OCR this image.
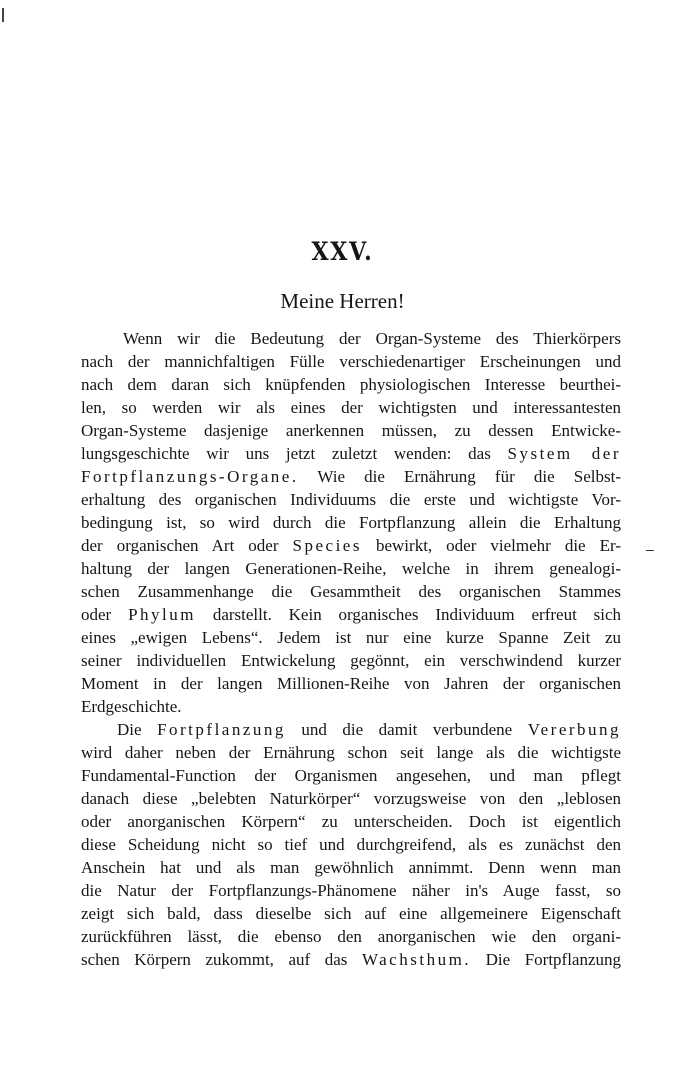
–
XXV.
Meine Herren!
Wenn wir die Bedeutung der Organ-Systeme des Thierkörpers
nach der mannichfaltigen Fülle verschiedenartiger Erscheinungen und
nach dem daran sich knüpfenden physiologischen Interesse beurthei-
len, so werden wir als eines der wichtigsten und interessantesten
Organ-Systeme dasjenige anerkennen müssen, zu dessen Entwicke-
lungsgeschichte wir uns jetzt zuletzt wenden: das System der
Fortpflanzungs-Organe. Wie die Ernährung für die Selbst-
erhaltung des organischen Individuums die erste und wichtigste Vor-
bedingung ist, so wird durch die Fortpflanzung allein die Erhaltung
der organischen Art oder Species bewirkt, oder vielmehr die Er-
haltung der langen Generationen-Reihe, welche in ihrem genealogi-
schen Zusammenhange die Gesammtheit des organischen Stammes
oder Phylum darstellt. Kein organisches Individuum erfreut sich
eines „ewigen Lebens“. Jedem ist nur eine kurze Spanne Zeit zu
seiner individuellen Entwickelung gegönnt, ein verschwindend kurzer
Moment in der langen Millionen-Reihe von Jahren der organischen
Erdgeschichte.
Die Fortpflanzung und die damit verbundene Vererbung
wird daher neben der Ernährung schon seit lange als die wichtigste
Fundamental-Function der Organismen angesehen, und man pflegt
danach diese „belebten Naturkörper“ vorzugsweise von den „leblosen
oder anorganischen Körpern“ zu unterscheiden. Doch ist eigentlich
diese Scheidung nicht so tief und durchgreifend, als es zunächst den
Anschein hat und als man gewöhnlich annimmt. Denn wenn man
die Natur der Fortpflanzungs-Phänomene näher in's Auge fasst, so
zeigt sich bald, dass dieselbe sich auf eine allgemeinere Eigenschaft
zurückführen lässt, die ebenso den anorganischen wie den organi-
schen Körpern zukommt, auf das Wachsthum. Die Fortpflanzung
